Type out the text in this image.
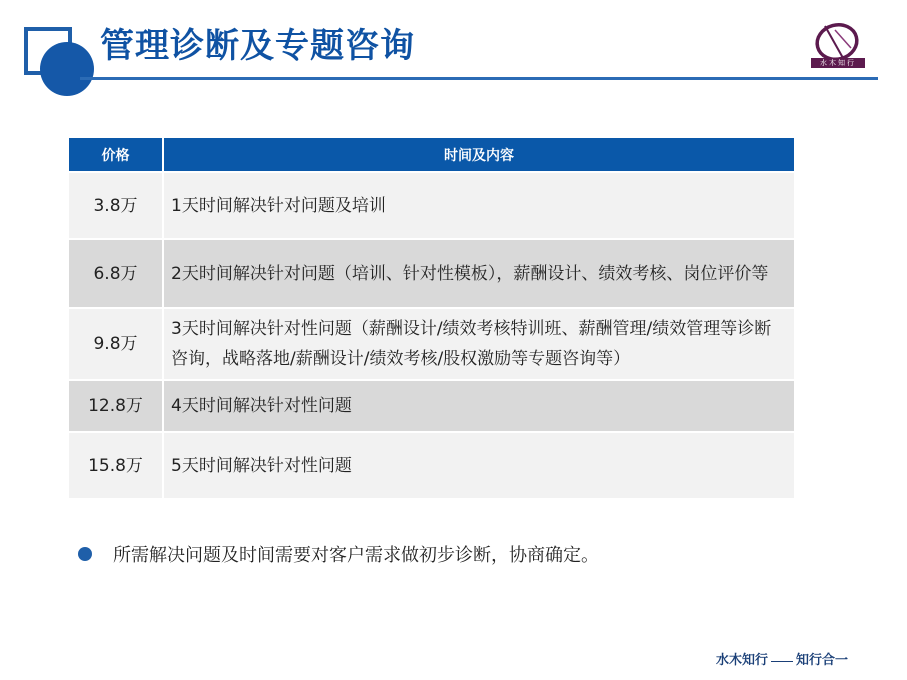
管理诊断及专题咨询	水木知行
价格	时间及内容
3.8万	1天时间解决针对问题及培训
6.8万	2天时间解决针对问题（培训、针对性模板），薪酬设计、绩效考核、岗位评价等
9.8万	3天时间解决针对性问题（薪酬设计/绩效考核特训班、薪酬管理/绩效管理等诊断咨询，战略落地/薪酬设计/绩效考核/股权激励等专题咨询等）
12.8万	4天时间解决针对性问题
15.8万	5天时间解决针对性问题
所需解决问题及时间需要对客户需求做初步诊断，协商确定。
水木知行 知行合一
